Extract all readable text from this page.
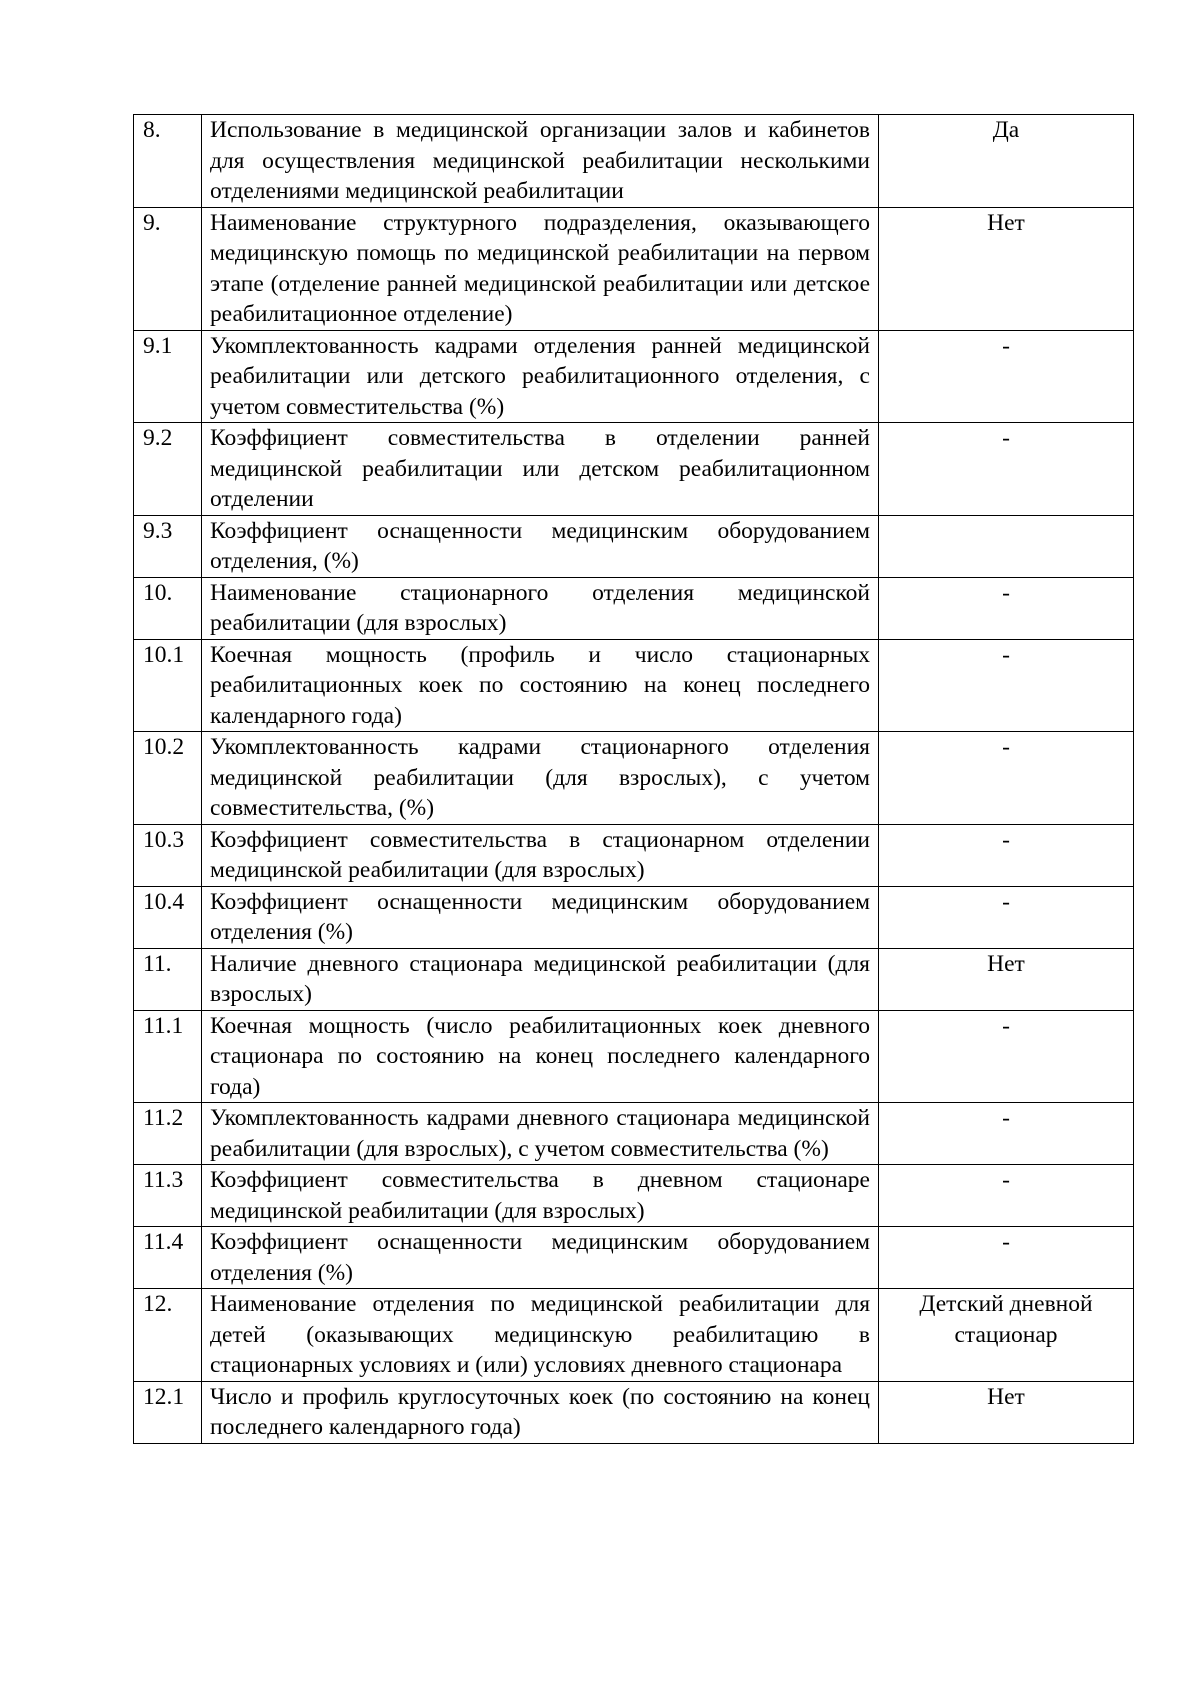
8.	Использование в медицинской организации залов и кабинетов для осуществления медицинской реабилитации несколькими отделениями медицинской реабилитации	Да
9.	Наименование структурного подразделения, оказывающего медицинскую помощь по медицинской реабилитации на первом этапе (отделение ранней медицинской реабилитации или детское реабилитационное отделение)	Нет
9.1	Укомплектованность кадрами отделения ранней медицинской реабилитации или детского реабилитационного отделения, с учетом совместительства (%)	-
9.2	Коэффициент совместительства в отделении ранней медицинской реабилитации или детском реабилитационном отделении	-
9.3	Коэффициент оснащенности медицинским оборудованием отделения, (%)	
10.	Наименование стационарного отделения медицинской реабилитации (для взрослых)	-
10.1	Коечная мощность (профиль и число стационарных реабилитационных коек по состоянию на конец последнего календарного года)	-
10.2	Укомплектованность кадрами стационарного отделения медицинской реабилитации (для взрослых), с учетом совместительства, (%)	-
10.3	Коэффициент совместительства в стационарном отделении медицинской реабилитации (для взрослых)	-
10.4	Коэффициент оснащенности медицинским оборудованием отделения (%)	-
11.	Наличие дневного стационара медицинской реабилитации (для взрослых)	Нет
11.1	Коечная мощность (число реабилитационных коек дневного стационара по состоянию на конец последнего календарного года)	-
11.2	Укомплектованность кадрами дневного стационара медицинской реабилитации (для взрослых), с учетом совместительства (%)	-
11.3	Коэффициент совместительства в дневном стационаре медицинской реабилитации (для взрослых)	-
11.4	Коэффициент оснащенности медицинским оборудованием отделения (%)	-
12.	Наименование отделения по медицинской реабилитации для детей (оказывающих медицинскую реабилитацию в стационарных условиях и (или) условиях дневного стационара	Детский дневной стационар
12.1	Число и профиль круглосуточных коек (по состоянию на конец последнего календарного года)	Нет
